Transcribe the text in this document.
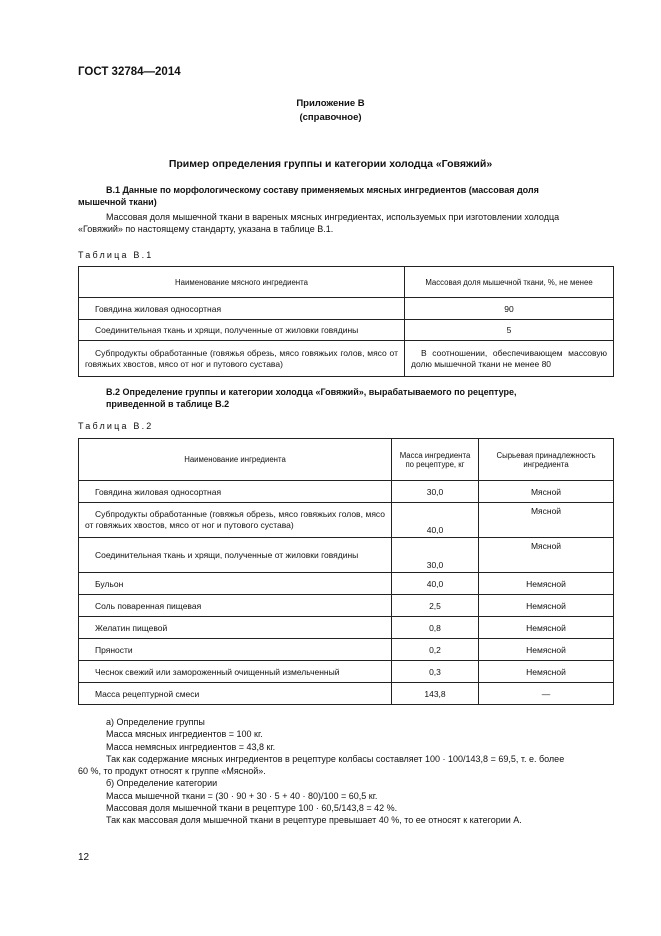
ГОСТ 32784—2014
Приложение В
(справочное)
Пример определения группы и категории холодца «Говяжий»
В.1 Данные по морфологическому составу применяемых мясных ингредиентов (массовая доля
мышечной ткани)
Массовая доля мышечной ткани в вареных мясных ингредиентах, используемых при изготовлении холодца
«Говяжий» по настоящему стандарту, указана в таблице В.1.
Таблица В.1
Наименование мясного ингредиента	Массовая доля мышечной ткани, %, не менее
Говядина жиловая односортная	90
Соединительная ткань и хрящи, полученные от жиловки говядины	5
Субпродукты обработанные (говяжья обрезь, мясо говяжьих голов, мясо от говяжьих хвостов, мясо от ног и путового сустава)	В соотношении, обеспечивающем массовую долю мышечной ткани не менее 80
В.2 Определение группы и категории холодца «Говяжий», вырабатываемого по рецептуре,
приведенной в таблице В.2
Таблица В.2
Наименование ингредиента	Масса ингредиента по рецептуре, кг	Сырьевая принадлежность ингредиента
Говядина жиловая односортная	30,0	Мясной
Субпродукты обработанные (говяжья обрезь, мясо говяжьих голов, мясо от говяжьих хвостов, мясо от ног и путового сустава)	40,0	Мясной
Соединительная ткань и хрящи, полученные от жиловки говядины	30,0	Мясной
Бульон	40,0	Немясной
Соль поваренная пищевая	2,5	Немясной
Желатин пищевой	0,8	Немясной
Пряности	0,2	Немясной
Чеснок свежий или замороженный очищенный измельченный	0,3	Немясной
Масса рецептурной смеси	143,8	—
а) Определение группы
Масса мясных ингредиентов = 100 кг.
Масса немясных ингредиентов = 43,8 кг.
Так как содержание мясных ингредиентов в рецептуре колбасы составляет 100 · 100/143,8 = 69,5, т. е. более
60 %, то продукт относят к группе «Мясной».
б) Определение категории
Масса мышечной ткани = (30 · 90 + 30 · 5 + 40 · 80)/100 = 60,5 кг.
Массовая доля мышечной ткани в рецептуре 100 · 60,5/143,8 = 42 %.
Так как массовая доля мышечной ткани в рецептуре превышает 40 %, то ее относят к категории А.
12
